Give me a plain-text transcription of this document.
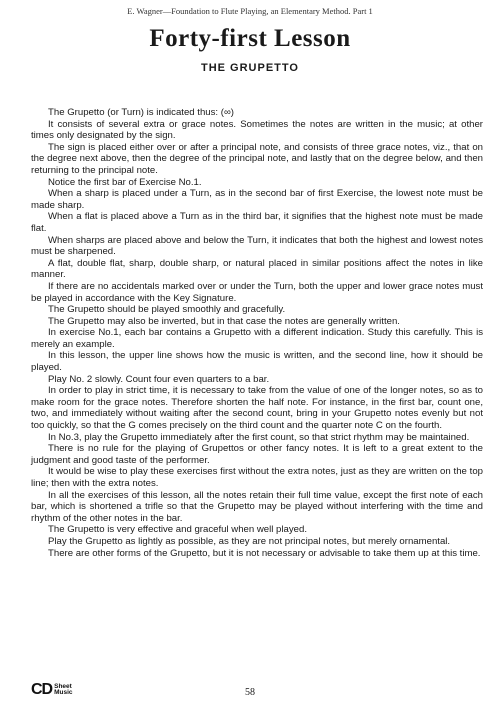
E. Wagner—Foundation to Flute Playing, an Elementary Method. Part 1
Forty-first Lesson
THE GRUPETTO

The Grupetto (or Turn) is indicated thus: (∞)

It consists of several extra or grace notes. Sometimes the notes are written in the music; at other times only designated by the sign.

The sign is placed either over or after a principal note, and consists of three grace notes, viz., that on the degree next above, then the degree of the principal note, and lastly that on the degree below, and then returning to the principal note.

Notice the first bar of Exercise No.1.

When a sharp is placed under a Turn, as in the second bar of first Exercise, the lowest note must be made sharp.

When a flat is placed above a Turn as in the third bar, it signifies that the highest note must be made flat.

When sharps are placed above and below the Turn, it indicates that both the highest and lowest notes must be sharpened.

A flat, double flat, sharp, double sharp, or natural placed in similar positions affect the notes in like manner.

If there are no accidentals marked over or under the Turn, both the upper and lower grace notes must be played in accordance with the Key Signature.

The Grupetto should be played smoothly and gracefully.

The Grupetto may also be inverted, but in that case the notes are generally written.

In exercise No.1, each bar contains a Grupetto with a different indication. Study this carefully. This is merely an example.

In this lesson, the upper line shows how the music is written, and the second line, how it should be played.

Play No. 2 slowly. Count four even quarters to a bar.

In order to play in strict time, it is necessary to take from the value of one of the longer notes, so as to make room for the grace notes. Therefore shorten the half note. For instance, in the first bar, count one, two, and immediately without waiting after the second count, bring in your Grupetto notes evenly but not too quickly, so that the G comes precisely on the third count and the quarter note C on the fourth.

In No.3, play the Grupetto immediately after the first count, so that strict rhythm may be maintained.

There is no rule for the playing of Grupettos or other fancy notes. It is left to a great extent to the judgment and good taste of the performer.

It would be wise to play these exercises first without the extra notes, just as they are written on the top line; then with the extra notes.

In all the exercises of this lesson, all the notes retain their full time value, except the first note of each bar, which is shortened a trifle so that the Grupetto may be played without interfering with the time and rhythm of the other notes in the bar.

The Grupetto is very effective and graceful when well played.

Play the Grupetto as lightly as possible, as they are not principal notes, but merely ornamental.

There are other forms of the Grupetto, but it is not necessary or advisable to take them up at this time.

CD Sheet
Music	58
